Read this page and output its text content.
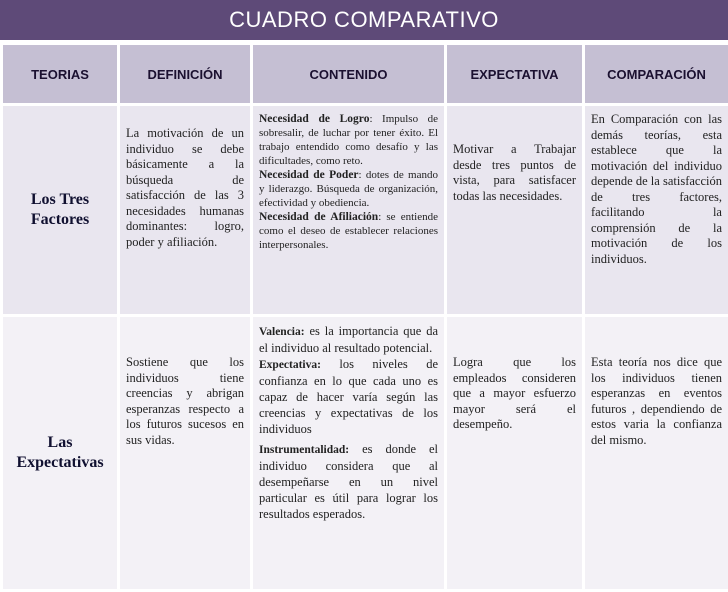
CUADRO COMPARATIVO
TEORIAS	DEFINICIÓN	CONTENIDO	EXPECTATIVA	COMPARACIÓN
Los Tres Factores	La motivación de un individuo se debe básicamente a la búsqueda de satisfacción de las 3 necesidades humanas dominantes: logro, poder y afiliación.	Necesidad de Logro: Impulso de sobresalir, de luchar por tener éxito. El trabajo entendido como desafío y las dificultades, como reto.

Necesidad de Poder: dotes de mando y liderazgo. Búsqueda de organización, efectividad y obediencia.

Necesidad de Afiliación: se entiende como el deseo de establecer relaciones interpersonales.	Motivar a Trabajar desde tres puntos de vista, para satisfacer todas las necesidades.	En Comparación con las demás teorías, esta establece que la motivación del individuo depende de la satisfacción de tres factores, facilitando la comprensión de la motivación de los individuos.
Las Expectativas	Sostiene que los individuos tiene creencias y abrigan esperanzas respecto a los futuros sucesos en sus vidas.	Valencia: es la importancia que da el individuo al resultado potencial.

Expectativa: los niveles de confianza en lo que cada uno es capaz de hacer varía según las creencias y expectativas de los individuos

Instrumentalidad: es donde el individuo considera que al desempeñarse en un nivel particular es útil para lograr los resultados esperados.	Logra que los empleados consideren que a mayor esfuerzo mayor será el desempeño.	Esta teoría nos dice que los individuos tienen esperanzas en eventos futuros , dependiendo de estos varia la confianza del mismo.
